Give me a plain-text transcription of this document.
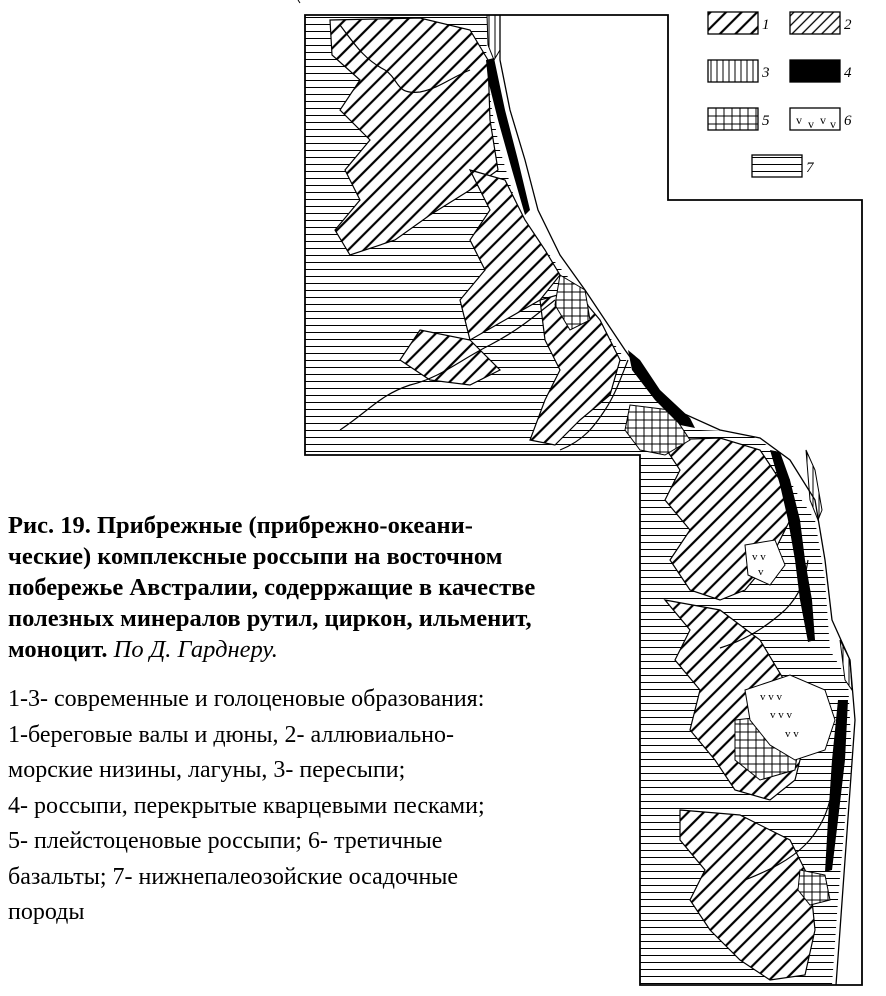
v v v
v v v
v v
v v
v
1	2
3	4
5 v v v v 6
7
Рис. 19. Прибрежные (прибрежно-океани-
ческие) комплексные россыпи на восточном
побережье Австралии, содерржащие в качестве
полезных минералов рутил, циркон, ильменит,
моноцит. По Д. Гарднеру.
1-3- современные и голоценовые образования:
1-береговые валы и дюны, 2- аллювиально-
морские низины, лагуны, 3- пересыпи;
4- россыпи, перекрытые кварцевыми песками;
5- плейстоценовые россыпи; 6- третичные
базальты; 7- нижнепалеозойские осадочные
породы
